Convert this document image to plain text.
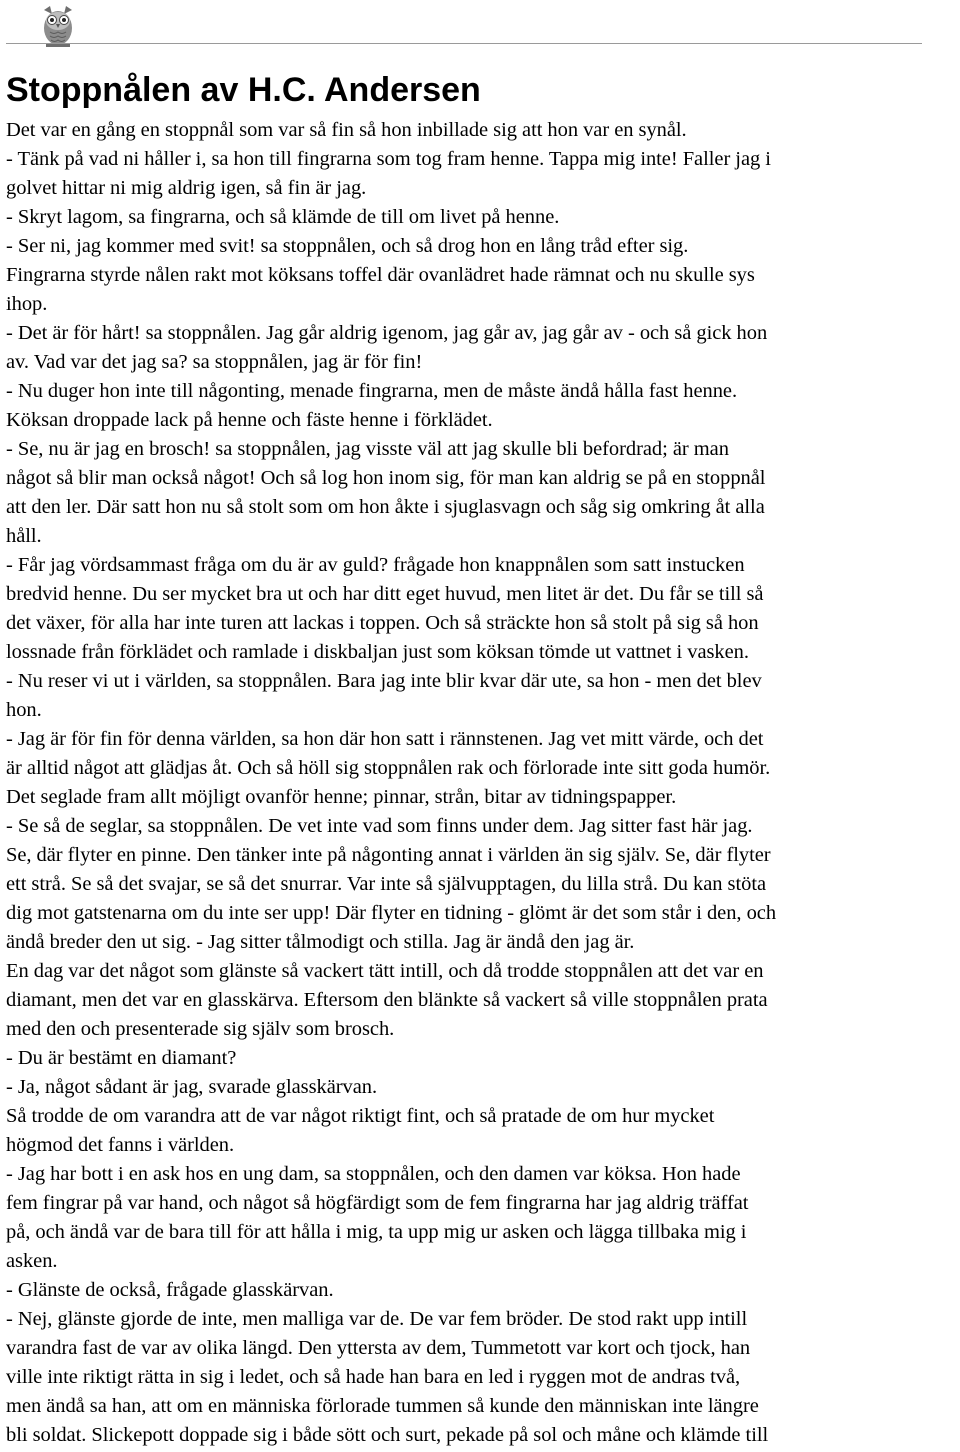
Stoppnålen av H.C. Andersen
Det var en gång en stoppnål som var så fin så hon inbillade sig att hon var en synål.
- Tänk på vad ni håller i, sa hon till fingrarna som tog fram henne. Tappa mig inte! Faller jag i
golvet hittar ni mig aldrig igen, så fin är jag.
- Skryt lagom, sa fingrarna, och så klämde de till om livet på henne.
- Ser ni, jag kommer med svit! sa stoppnålen, och så drog hon en lång tråd efter sig.
Fingrarna styrde nålen rakt mot köksans toffel där ovanlädret hade rämnat och nu skulle sys
ihop.
- Det är för hårt! sa stoppnålen. Jag går aldrig igenom, jag går av, jag går av - och så gick hon
av. Vad var det jag sa? sa stoppnålen, jag är för fin!
- Nu duger hon inte till någonting, menade fingrarna, men de måste ändå hålla fast henne.
Köksan droppade lack på henne och fäste henne i förklädet.
- Se, nu är jag en brosch! sa stoppnålen, jag visste väl att jag skulle bli befordrad; är man
något så blir man också något! Och så log hon inom sig, för man kan aldrig se på en stoppnål
att den ler. Där satt hon nu så stolt som om hon åkte i sjuglasvagn och såg sig omkring åt alla
håll.
- Får jag vördsammast fråga om du är av guld? frågade hon knappnålen som satt instucken
bredvid henne. Du ser mycket bra ut och har ditt eget huvud, men litet är det. Du får se till så
det växer, för alla har inte turen att lackas i toppen. Och så sträckte hon så stolt på sig så hon
lossnade från förklädet och ramlade i diskbaljan just som köksan tömde ut vattnet i vasken.
- Nu reser vi ut i världen, sa stoppnålen. Bara jag inte blir kvar där ute, sa hon - men det blev
hon.
- Jag är för fin för denna världen, sa hon där hon satt i rännstenen. Jag vet mitt värde, och det
är alltid något att glädjas åt. Och så höll sig stoppnålen rak och förlorade inte sitt goda humör.
Det seglade fram allt möjligt ovanför henne; pinnar, strån, bitar av tidningspapper.
- Se så de seglar, sa stoppnålen. De vet inte vad som finns under dem. Jag sitter fast här jag.
Se, där flyter en pinne. Den tänker inte på någonting annat i världen än sig själv. Se, där flyter
ett strå. Se så det svajar, se så det snurrar. Var inte så självupptagen, du lilla strå. Du kan stöta
dig mot gatstenarna om du inte ser upp! Där flyter en tidning - glömt är det som står i den, och
ändå breder den ut sig. - Jag sitter tålmodigt och stilla. Jag är ändå den jag är.
En dag var det något som glänste så vackert tätt intill, och då trodde stoppnålen att det var en
diamant, men det var en glasskärva. Eftersom den blänkte så vackert så ville stoppnålen prata
med den och presenterade sig själv som brosch.
- Du är bestämt en diamant?
- Ja, något sådant är jag, svarade glasskärvan.
Så trodde de om varandra att de var något riktigt fint, och så pratade de om hur mycket
högmod det fanns i världen.
- Jag har bott i en ask hos en ung dam, sa stoppnålen, och den damen var köksa. Hon hade
fem fingrar på var hand, och något så högfärdigt som de fem fingrarna har jag aldrig träffat
på, och ändå var de bara till för att hålla i mig, ta upp mig ur asken och lägga tillbaka mig i
asken.
- Glänste de också, frågade glasskärvan.
- Nej, glänste gjorde de inte, men malliga var de. De var fem bröder. De stod rakt upp intill
varandra fast de var av olika längd. Den yttersta av dem, Tummetott var kort och tjock, han
ville inte riktigt rätta in sig i ledet, och så hade han bara en led i ryggen mot de andras två,
men ändå sa han, att om en människa förlorade tummen så kunde den människan inte längre
bli soldat. Slickepott doppade sig i både sött och surt, pekade på sol och måne och klämde till
